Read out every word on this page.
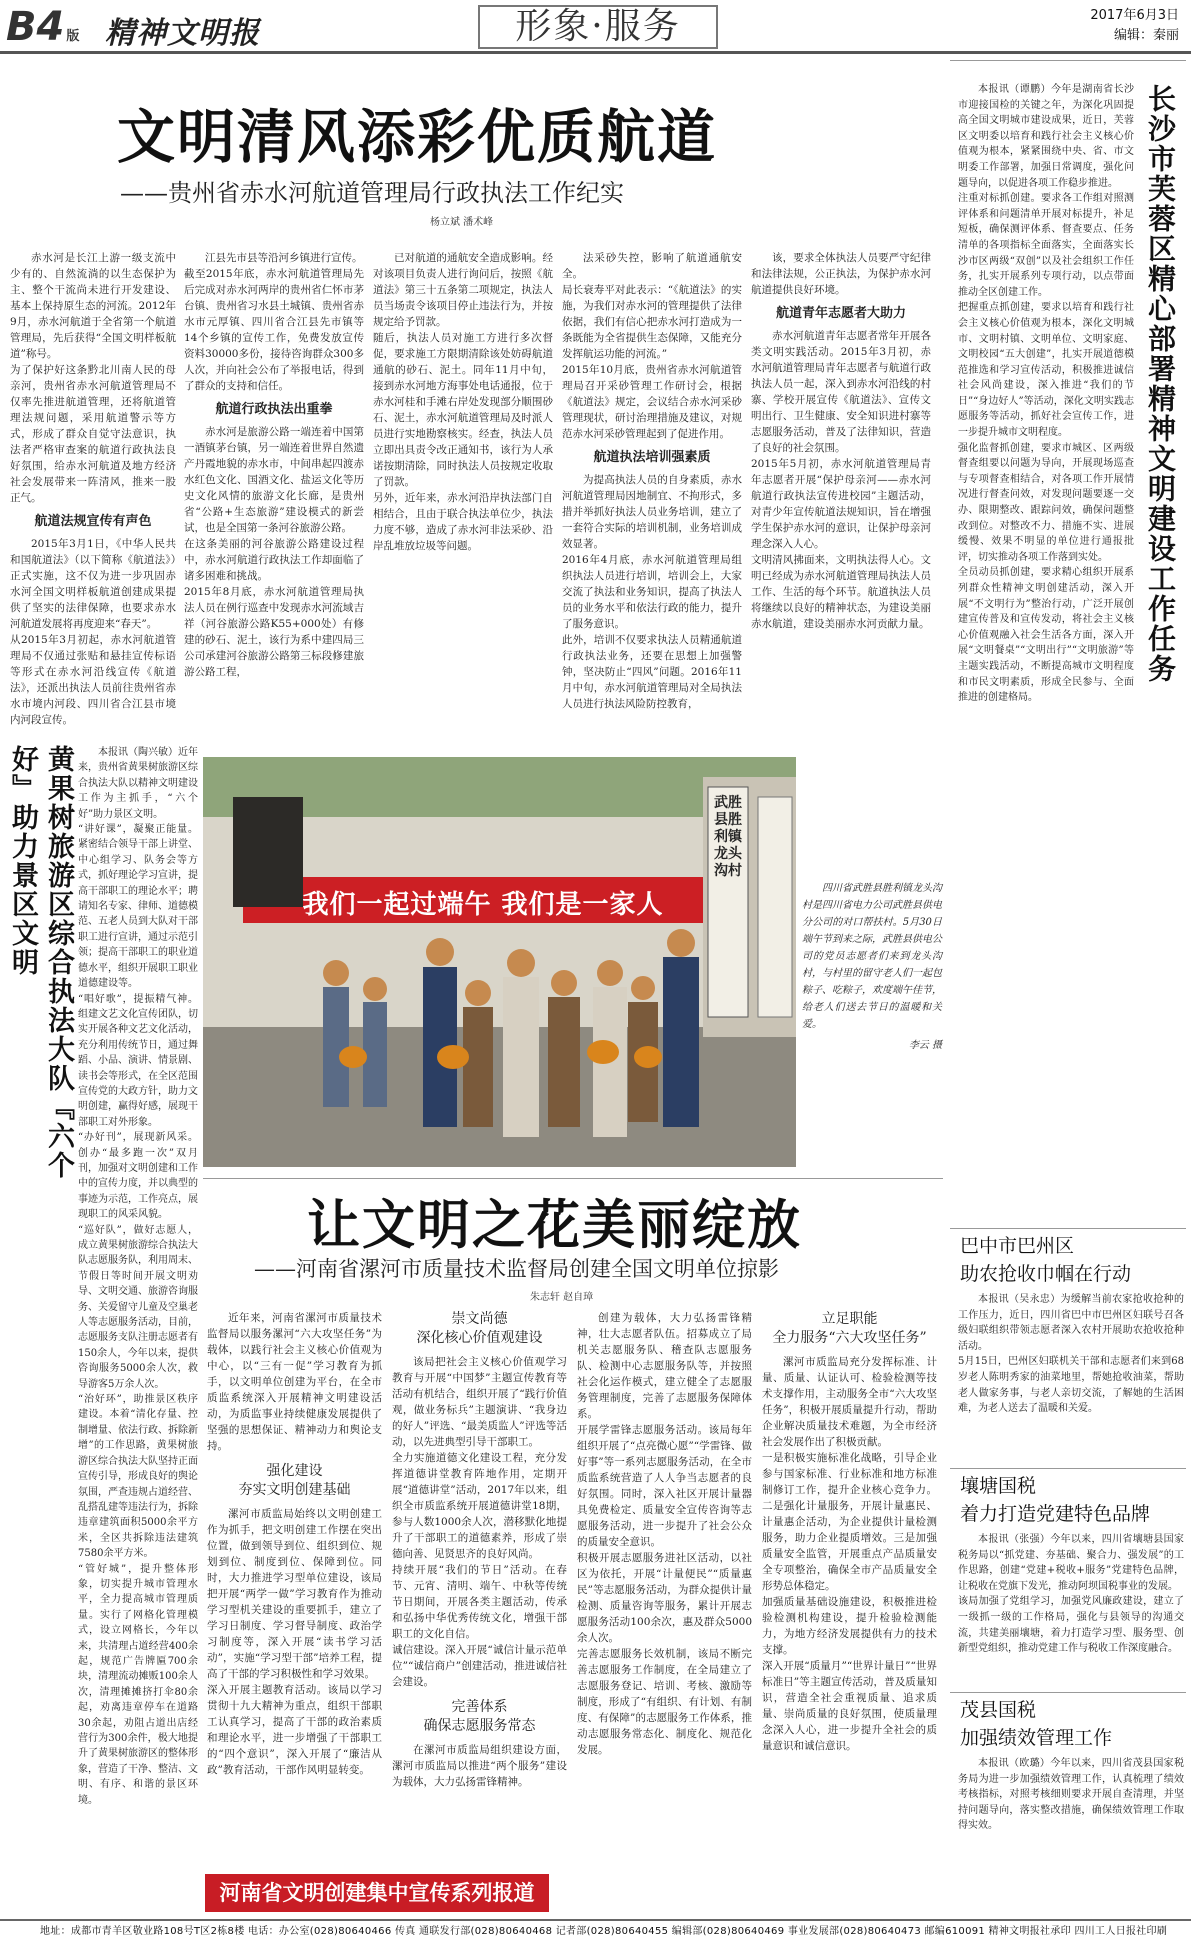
B4 版 精神文明报	形象·服务	2017年6月3日
编辑：秦丽
文明清风添彩优质航道
——贵州省赤水河航道管理局行政执法工作纪实
杨立斌 潘术峰

赤水河是长江上游一级支流中少有的、自然流淌的以生态保护为主、整个干流尚未进行开发建设、基本上保持原生态的河流。2012年9月，赤水河航道于全省第一个航道管理局，先后获得“全国文明样板航道”称号。
为了保护好这条黔北川南人民的母亲河，贵州省赤水河航道管理局不仅率先推进航道管理，还将航道管理法规问题，采用航道警示等方式，形成了群众自觉守法意识，执法者严格审查案的航道行政执法良好氛围，给赤水河航道及地方经济社会发展带来一阵清风，推来一股正气。

航道法规宣传有声色

2015年3月1日，《中华人民共和国航道法》（以下简称《航道法》）正式实施，这不仅为进一步巩固赤水河全国文明样板航道创建成果提供了坚实的法律保障，也要求赤水河航道发展将再度迎来“春天”。
从2015年3月初起，赤水河航道管理局不仅通过张贴和悬挂宣传标语等形式在赤水河沿线宣传《航道法》，还派出执法人员前往贵州省赤水市境内河段、四川省合江县市境内河段宣传。

江县先市县等沿河乡镇进行宣传。
截至2015年底，赤水河航道管理局先后完成对赤水河两岸的贵州省仁怀市茅台镇、贵州省习水县土城镇、贵州省赤水市元厚镇、四川省合江县先市镇等14个乡镇的宣传工作，免费发放宣传资料30000多份，接待咨询群众300多人次，并向社会公布了举报电话，得到了群众的支持和信任。

航道行政执法出重拳

赤水河是旅游公路一端连着中国第一酒镇茅台镇，另一端连着世界自然遗产丹霞地貌的赤水市，中间串起四渡赤水红色文化、国酒文化、盐运文化等历史文化风情的旅游文化长廊，是贵州省“公路+生态旅游”建设模式的新尝试，也是全国第一条河谷旅游公路。
在这条美丽的河谷旅游公路建设过程中，赤水河航道行政执法工作却面临了诸多困难和挑战。
2015年8月底，赤水河航道管理局执法人员在例行巡查中发现赤水河流域吉祥（河谷旅游公路K55+000处）有修建的砂石、泥土，该行为系中建四局三公司承建河谷旅游公路第三标段修建旅游公路工程，

已对航道的通航安全造成影响。经对该项目负责人进行询问后，按照《航道法》第三十五条第二项规定，执法人员当场责令该项目停止违法行为，并按规定给予罚款。
随后，执法人员对施工方进行多次督促，要求施工方限期清除该处妨碍航道通航的砂石、泥土。同年11月中旬，接到赤水河地方海事处电话通报，位于赤水河桂和手滩右岸处发现部分顺围砂石、泥土，赤水河航道管理局及时派人员进行实地勘察核实。经查，执法人员立即出具责令改正通知书，该行为人承诺按期清除，同时执法人员按规定收取了罚款。
另外，近年来，赤水河沿岸执法部门自相结合，且由于联合执法单位少，执法力度不够，造成了赤水河非法采砂、沿岸乱堆放垃圾等问题。

法采砂失控，影响了航道通航安全。
局长衰寿平对此表示：“《航道法》的实施，为我们对赤水河的管理提供了法律依据，我们有信心把赤水河打造成为一条既能为全省提供生态保障，又能充分发挥航运功能的河流。”
2015年10月底，贵州省赤水河航道管理局召开采砂管理工作研讨会，根据《航道法》规定，会议结合赤水河采砂管理现状，研讨治理措施及建议，对规范赤水河采砂管理起到了促进作用。

航道执法培训强素质

为提高执法人员的自身素质，赤水河航道管理局因地制宜、不拘形式，多措并举抓好执法人员业务培训，建立了一套符合实际的培训机制，业务培训成效显著。
2016年4月底，赤水河航道管理局组织执法人员进行培训，培训会上，大家交流了执法和业务知识，提高了执法人员的业务水平和依法行政的能力，提升了服务意识。
此外，培训不仅要求执法人员精通航道行政执法业务，还要在思想上加强警钟，坚决防止“四风”问题。2016年11月中旬，赤水河航道管理局对全局执法人员进行执法风险防控教育，

该，要求全体执法人员要严守纪律和法律法规，公正执法，为保护赤水河航道提供良好环境。

航道青年志愿者大助力

赤水河航道青年志愿者常年开展各类文明实践活动。2015年3月初，赤水河航道管理局青年志愿者与航道行政执法人员一起，深入到赤水河沿线的村寨、学校开展宣传《航道法》、宣传文明出行、卫生健康、安全知识进村寨等志愿服务活动，普及了法律知识，营造了良好的社会氛围。
2015年5月初，赤水河航道管理局青年志愿者开展“保护母亲河——赤水河航道行政执法宣传进校园”主题活动，对青少年宣传航道法规知识，旨在增强学生保护赤水河的意识，让保护母亲河理念深入人心。
文明清风拂面来，文明执法得人心。文明已经成为赤水河航道管理局执法人员工作、生活的每个环节。航道执法人员将继续以良好的精神状态，为建设美丽赤水航道，建设美丽赤水河贡献力量。

我们一起过端午 我们是一家人
武胜县胜利镇龙头沟村
四川省武胜县胜利镇龙头沟村是四川省电力公司武胜县供电分公司的对口帮扶村。5月30日端午节到来之际，武胜县供电公司的党员志愿者们来到龙头沟村，与村里的留守老人们一起包粽子、吃粽子，欢度端午佳节，给老人们送去节日的温暖和关爱。
李云 摄
黄果树旅游区综合执法大队『六个好』助力景区文明	本报讯（陶兴敏）近年来，贵州省黄果树旅游区综合执法大队以精神文明建设工作为主抓手，“六个好”助力景区文明。
“讲好课”，凝聚正能量。紧密结合领导干部上讲堂、中心组学习、队务会等方式，抓好理论学习宣讲，提高干部职工的理论水平；聘请知名专家、律师、道德模范、五老人员到大队对干部职工进行宣讲，通过示范引领；提高干部职工的职业道德水平，组织开展职工职业道德建设等。
“唱好歌”，提振精气神。组建文艺文化宣传团队，切实开展各种文艺文化活动，充分利用传统节日，通过舞蹈、小品、演讲、情景剧、读书会等形式，在全区范围宣传党的大政方针，助力文明创建，赢得好感，展现干部职工对外形象。
“办好刊”，展现新风采。创办“最多跑一次”双月刊，加强对文明创建和工作中的宣传力度，并以典型的事迹为示范，工作亮点，展现职工的风采风貌。
“巡好队”，做好志愿人，成立黄果树旅游综合执法大队志愿服务队，利用周末、节假日等时间开展文明劝导、文明交通、旅游咨询服务、关爱留守儿童及空巢老人等志愿服务活动，目前，志愿服务支队注册志愿者有150余人，今年以来，提供咨询服务5000余人次，救导游客5万余人次。
“治好环”，助推景区秩序建设。本着“清化存量、控制增量、依法行政、拆除新增”的工作思路，黄果树旅游区综合执法大队坚持正面宣传引导，形成良好的舆论氛围，严查违规占道经营、乱搭乱建等违法行为，拆除违章建筑面积5000余平方米，全区共拆除违法建筑7580余平方米。
“管好城”，提升整体形象，切实提升城市管理水平，全力提高城市管理质量。实行了网格化管理模式，设立网格长，今年以来，共清理占道经营400余起，规范广告牌匾700余块，清理流动摊贩100余人次，清理摊摊挤打伞80余起，劝离违章停车在道路30余起，劝阻占道出店经营行为300余件，极大地提升了黄果树旅游区的整体形象，营造了干净、整洁、文明、有序、和谐的景区环境。
长沙市芙蓉区精心部署精神文明建设工作任务
本报讯（谭鹏）今年是湖南省长沙市迎接国检的关键之年，为深化巩固提高全国文明城市建设成果，近日，芙蓉区文明委以培育和践行社会主义核心价值观为根本，紧紧围绕中央、省、市文明委工作部署，加强日常调度，强化问题导向，以促进各项工作稳步推进。
注重对标抓创建。要求各工作组对照测评体系和问题清单开展对标提升，补足短板，确保测评体系、督查要点、任务清单的各项指标全面落实，全面落实长沙市区两级“双创”以及社会组织工作任务，扎实开展系列专项行动，以点带面推动全区创建工作。
把握重点抓创建，要求以培育和践行社会主义核心价值观为根本，深化文明城市、文明村镇、文明单位、文明家庭、文明校园“五大创建”，扎实开展道德模范推选和学习宣传活动，积极推进诚信社会风尚建设，深入推进“我们的节日”“身边好人”等活动，深化文明实践志愿服务等活动，抓好社会宣传工作，进一步提升城市文明程度。
强化监督抓创建，要求市城区、区两级督查组要以问题为导向，开展现场巡查与专项督查相结合，对各项工作开展情况进行督查问效，对发现问题要逐一交办、限期整改、跟踪问效，确保问题整改到位。对整改不力、措施不实、进展缓慢、效果不明显的单位进行通报批评，切实推动各项工作落到实处。
全员动员抓创建，要求精心组织开展系列群众性精神文明创建活动，深入开展“不文明行为”整治行动，广泛开展创建宣传普及和宣传发动，将社会主义核心价值观融入社会生活各方面，深入开展“文明餐桌”“文明出行”“文明旅游”等主题实践活动，不断提高城市文明程度和市民文明素质，形成全民参与、全面推进的创建格局。
让文明之花美丽绽放
——河南省漯河市质量技术监督局创建全国文明单位掠影
朱志轩 赵自璋

近年来，河南省漯河市质量技术监督局以服务漯河“六大攻坚任务”为载体，以践行社会主义核心价值观为中心，以“三有一促”学习教育为抓手，以文明单位创建为平台，在全市质监系统深入开展精神文明建设活动，为质监事业持续健康发展提供了坚强的思想保证、精神动力和舆论支持。

强化建设
夯实文明创建基础

漯河市质监局始终以文明创建工作为抓手，把文明创建工作摆在突出位置，做到领导到位、组织到位、规划到位、制度到位、保障到位。同时，大力推进学习型单位建设，该局把开展“两学一做”学习教育作为推动学习型机关建设的重要抓手，建立了学习日制度、学习督导制度、政治学习制度等，深入开展“读书学习活动”，实施“学习型干部”培养工程，提高了干部的学习积极性和学习效果。
深入开展主题教育活动。该局以学习贯彻十九大精神为重点，组织干部职工认真学习，提高了干部的政治素质和理论水平，进一步增强了干部职工的“四个意识”，深入开展了“廉洁从政”教育活动，干部作风明显转变。

崇文尚德
深化核心价值观建设

该局把社会主义核心价值观学习教育与开展“中国梦”主题宣传教育等活动有机结合，组织开展了“践行价值观，做业务标兵”主题演讲、“我身边的好人”评选、“最美质监人”评选等活动，以先进典型引导干部职工。
全力实施道德文化建设工程，充分发挥道德讲堂教育阵地作用，定期开展“道德讲堂”活动，2017年以来，组织全市质监系统开展道德讲堂18期，参与人数1000余人次，潜移默化地提升了干部职工的道德素养，形成了崇德向善、见贤思齐的良好风尚。
持续开展“我们的节日”活动。在春节、元宵、清明、端午、中秋等传统节日期间，开展各类主题活动，传承和弘扬中华优秀传统文化，增强干部职工的文化自信。
诚信建设。深入开展“诚信计量示范单位”“诚信商户”创建活动，推进诚信社会建设。

完善体系
确保志愿服务常态

在漯河市质监局组织建设方面，漯河市质监局以推进“两个服务”建设为载体，大力弘扬雷锋精神。

创建为载体，大力弘扬雷锋精神，壮大志愿者队伍。招募成立了局机关志愿服务队、稽查队志愿服务队、检测中心志愿服务队等，并按照社会化运作模式，建立健全了志愿服务管理制度，完善了志愿服务保障体系。
开展学雷锋志愿服务活动。该局每年组织开展了“点亮微心愿”“学雷锋、做好事”等一系列志愿服务活动，在全市质监系统营造了人人争当志愿者的良好氛围。同时，深入社区开展计量器具免费检定、质量安全宣传咨询等志愿服务活动，进一步提升了社会公众的质量安全意识。
积极开展志愿服务进社区活动，以社区为依托，开展“计量便民”“质量惠民”等志愿服务活动，为群众提供计量检测、质量咨询等服务，累计开展志愿服务活动100余次，惠及群众5000余人次。
完善志愿服务长效机制，该局不断完善志愿服务工作制度，在全局建立了志愿服务登记、培训、考核、激励等制度，形成了“有组织、有计划、有制度、有保障”的志愿服务工作体系，推动志愿服务常态化、制度化、规范化发展。
立足职能
全力服务“六大攻坚任务”

漯河市质监局充分发挥标准、计量、质量、认证认可、检验检测等技术支撑作用，主动服务全市“六大攻坚任务”，积极开展质量提升行动，帮助企业解决质量技术难题，为全市经济社会发展作出了积极贡献。
一是积极实施标准化战略，引导企业参与国家标准、行业标准和地方标准制修订工作，提升企业核心竞争力。二是强化计量服务，开展计量惠民、计量惠企活动，为企业提供计量检测服务，助力企业提质增效。三是加强质量安全监管，开展重点产品质量安全专项整治，确保全市产品质量安全形势总体稳定。
加强质量基础设施建设，积极推进检验检测机构建设，提升检验检测能力，为地方经济发展提供有力的技术支撑。
深入开展“质量月”“世界计量日”“世界标准日”等主题宣传活动，普及质量知识，营造全社会重视质量、追求质量、崇尚质量的良好氛围，使质量理念深入人心，进一步提升全社会的质量意识和诚信意识。

河南省文明创建集中宣传系列报道
巴中市巴州区
助农抢收巾帼在行动
本报讯（吴永忠）为缓解当前农家抢收抢种的工作压力，近日，四川省巴中市巴州区妇联号召各级妇联组织带领志愿者深入农村开展助农抢收抢种活动。
5月15日，巴州区妇联机关干部和志愿者们来到68岁老人陈明秀家的油菜地里，帮她抢收油菜，帮助老人做家务事，与老人亲切交流，了解她的生活困难，为老人送去了温暖和关爱。
壤塘国税
着力打造党建特色品牌
本报讯（张强）今年以来，四川省壤塘县国家税务局以“抓党建、夯基础、聚合力、强发展”的工作思路，创建“党建+税收+服务”党建特色品牌，让税收在党旗下发光，推动阿坝国税事业的发展。
该局加强了党组学习，加强党风廉政建设，建立了一级抓一级的工作格局，强化与县领导的沟通交流，共建美丽壤塘，着力打造学习型、服务型、创新型党组织，推动党建工作与税收工作深度融合。
茂县国税
加强绩效管理工作
本报讯（欧璐）今年以来，四川省茂县国家税务局为进一步加强绩效管理工作，认真梳理了绩效考核指标，对照考核细则要求开展自查清理，并坚持问题导向，落实整改措施，确保绩效管理工作取得实效。
地址：成都市青羊区敬业路108号T区2栋8楼 电话：办公室(028)80640466 传真 通联发行部(028)80640468 记者部(028)80640455 编辑部(028)80640469 事业发展部(028)80640473 邮编610091 精神文明报社承印 四川工人日报社印刷
